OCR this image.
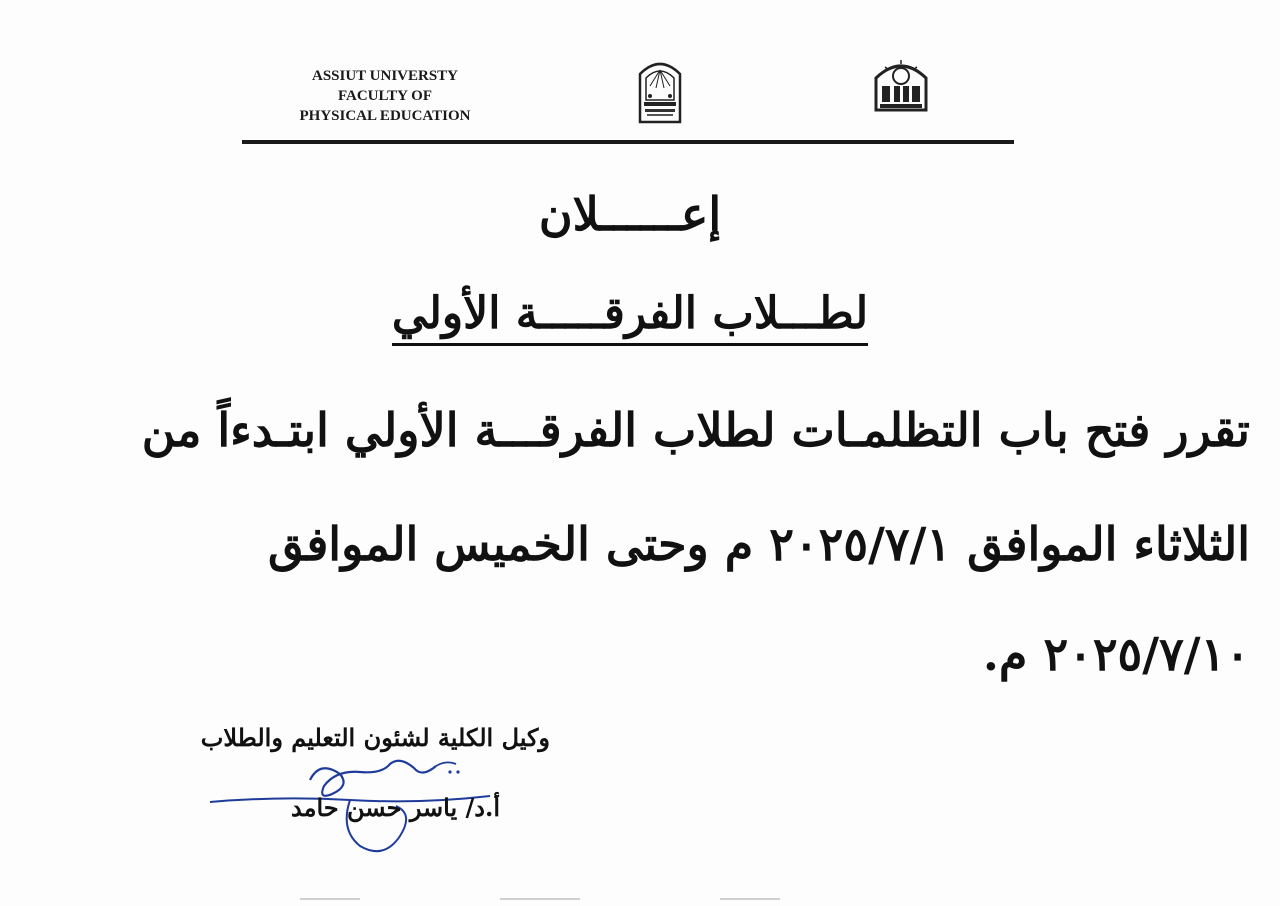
ASSIUT UNIVERSTY
FACULTY OF
PHYSICAL EDUCATION
إعــــــلان
لطـــلاب الفرقـــــة الأولي
تقرر فتح باب التظلمـات لطلاب الفرقـــة الأولي ابتـدءاً من
الثلاثاء الموافق ٢٠٢٥/٧/١ م وحتى الخميس الموافق
٢٠٢٥/٧/١٠ م.
وكيل الكلية لشئون التعليم والطلاب
أ.د/ ياسر حسن حامد
